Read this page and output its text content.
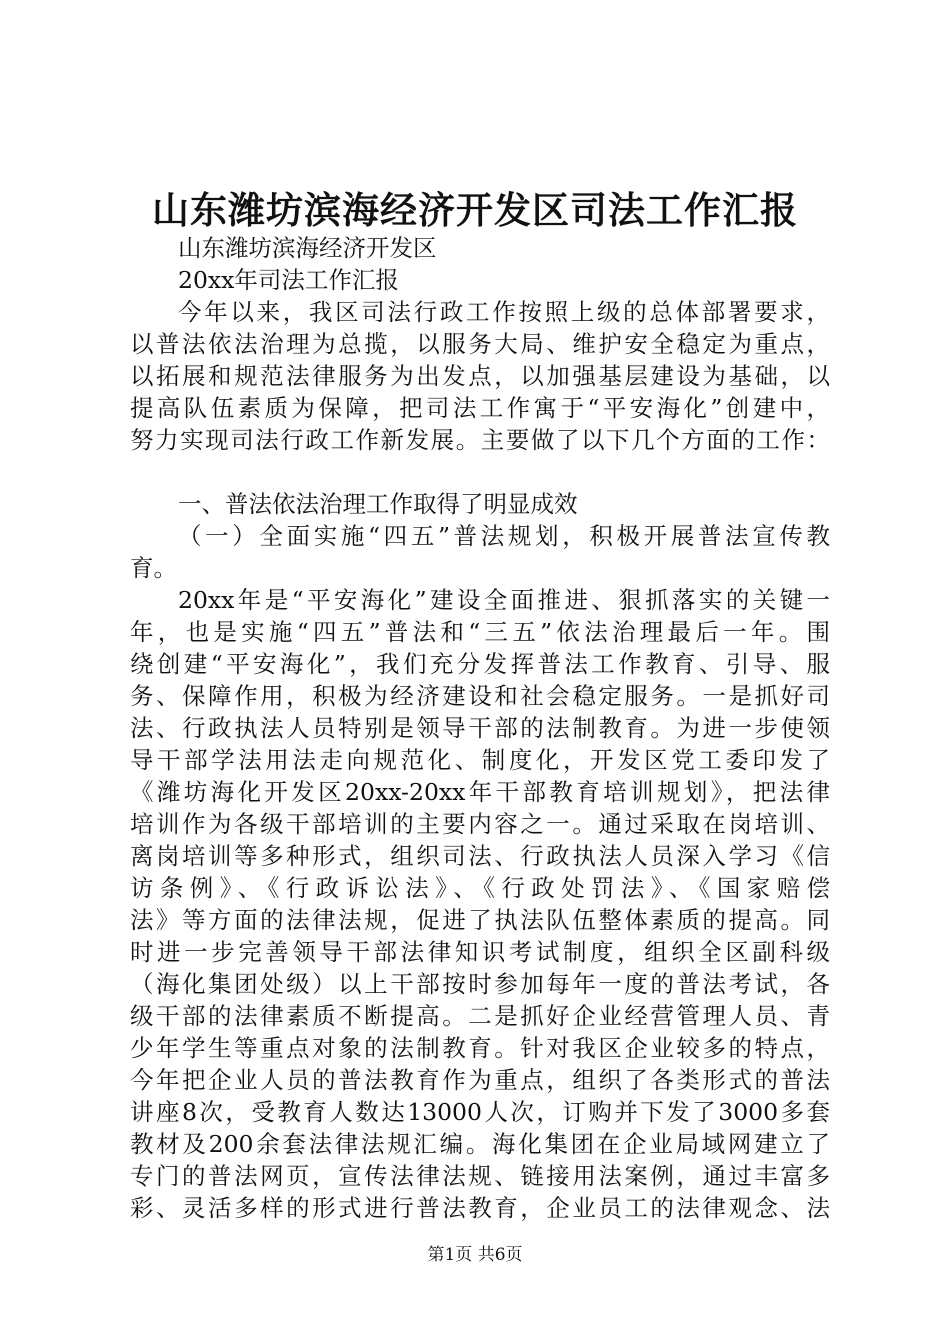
山东潍坊滨海经济开发区司法工作汇报
山东潍坊滨海经济开发区
20xx年司法工作汇报
今年以来，我区司法行政工作按照上级的总体部署要求，
以普法依法治理为总揽，以服务大局、维护安全稳定为重点，
以拓展和规范法律服务为出发点，以加强基层建设为基础，以
提高队伍素质为保障，把司法工作寓于“平安海化”创建中，
努力实现司法行政工作新发展。主要做了以下几个方面的工作：
一、普法依法治理工作取得了明显成效
（一）全面实施“四五”普法规划，积极开展普法宣传教
育。
20xx年是“平安海化”建设全面推进、狠抓落实的关键一
年，也是实施“四五”普法和“三五”依法治理最后一年。围
绕创建“平安海化”，我们充分发挥普法工作教育、引导、服
务、保障作用，积极为经济建设和社会稳定服务。一是抓好司
法、行政执法人员特别是领导干部的法制教育。为进一步使领
导干部学法用法走向规范化、制度化，开发区党工委印发了
《潍坊海化开发区20xx-20xx年干部教育培训规划》，把法律
培训作为各级干部培训的主要内容之一。通过采取在岗培训、
离岗培训等多种形式，组织司法、行政执法人员深入学习《信
访条例》、《行政诉讼法》、《行政处罚法》、《国家赔偿
法》等方面的法律法规，促进了执法队伍整体素质的提高。同
时进一步完善领导干部法律知识考试制度，组织全区副科级
（海化集团处级）以上干部按时参加每年一度的普法考试，各
级干部的法律素质不断提高。二是抓好企业经营管理人员、青
少年学生等重点对象的法制教育。针对我区企业较多的特点，
今年把企业人员的普法教育作为重点，组织了各类形式的普法
讲座8次，受教育人数达13000人次，订购并下发了3000多套
教材及200余套法律法规汇编。海化集团在企业局域网建立了
专门的普法网页，宣传法律法规、链接用法案例，通过丰富多
彩、灵活多样的形式进行普法教育，企业员工的法律观念、法
第1页 共6页
